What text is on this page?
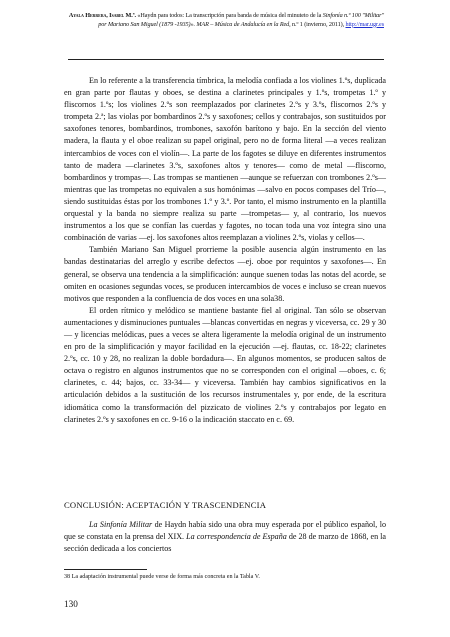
Ayala Herrera, Isabel M.ª. «Haydn para todos: La transcripción para banda de música del minuteto de la Sinfonía n.º 100 "Militar" por Mariano San Miguel (1879 -1935)». MAR – Música de Andalucía en la Red, n.º 1 (invierno, 2011), http://mar.ugr.es

En lo referente a la transferencia tímbrica, la melodía confiada a los violines 1.ºs, duplicada en gran parte por flautas y oboes, se destina a clarinetes principales y 1.ºs, trompetas 1.º y fliscornos 1.ºs; los violines 2.ºs son reemplazados por clarinetes 2.ºs y 3.ºs, fliscornos 2.ºs y trompeta 2.ª; las violas por bombardinos 2.ºs y saxofones; cellos y contrabajos, son sustituidos por saxofones tenores, bombardinos, trombones, saxofón barítono y bajo. En la sección del viento madera, la flauta y el oboe realizan su papel original, pero no de forma literal —a veces realizan intercambios de voces con el violín—. La parte de los fagotes se diluye en diferentes instrumentos tanto de madera —clarinetes 3.ºs, saxofones altos y tenores— como de metal —fliscorno, bombardinos y trompas—. Las trompas se mantienen —aunque se refuerzan con trombones 2.ºs— mientras que las trompetas no equivalen a sus homónimas —salvo en pocos compases del Trío—, siendo sustituidas éstas por los trombones 1.º y 3.º. Por tanto, el mismo instrumento en la plantilla orquestal y la banda no siempre realiza su parte —trompetas— y, al contrario, los nuevos instrumentos a los que se confían las cuerdas y fagotes, no tocan toda una voz íntegra sino una combinación de varias —ej. los saxofones altos reemplazan a violines 2.ºs, violas y cellos—.

También Mariano San Miguel prorrieme la posible ausencia algún instrumento en las bandas destinatarias del arreglo y escribe defectos —ej. oboe por requintos y saxofones—. En general, se observa una tendencia a la simplificación: aunque suenen todas las notas del acorde, se omiten en ocasiones segundas voces, se producen intercambios de voces e incluso se crean nuevos motivos que responden a la confluencia de dos voces en una sola38.

El orden rítmico y melódico se mantiene bastante fiel al original. Tan sólo se observan aumentaciones y disminuciones puntuales —blancas convertidas en negras y viceversa, cc. 29 y 30— y licencias melódicas, pues a veces se altera ligeramente la melodía original de un instrumento en pro de la simplificación y mayor facilidad en la ejecución —ej. flautas, cc. 18-22; clarinetes 2.ºs, cc. 10 y 28, no realizan la doble bordadura—. En algunos momentos, se producen saltos de octava o registro en algunos instrumentos que no se corresponden con el original —oboes, c. 6; clarinetes, c. 44; bajos, cc. 33-34— y viceversa. También hay cambios significativos en la articulación debidos a la sustitución de los recursos instrumentales y, por ende, de la escritura idiomática como la transformación del pizzicato de violines 2.ºs y contrabajos por legato en clarinetes 2.ºs y saxofones en cc. 9-16 o la indicación staccato en c. 69.

CONCLUSIÓN: ACEPTACIÓN Y TRASCENDENCIA

La Sinfonía Militar de Haydn había sido una obra muy esperada por el público español, lo que se constata en la prensa del XIX. La correspondencia de España de 28 de marzo de 1868, en la sección dedicada a los conciertos

38 La adaptación instrumental puede verse de forma más concreta en la Tabla V.
130
